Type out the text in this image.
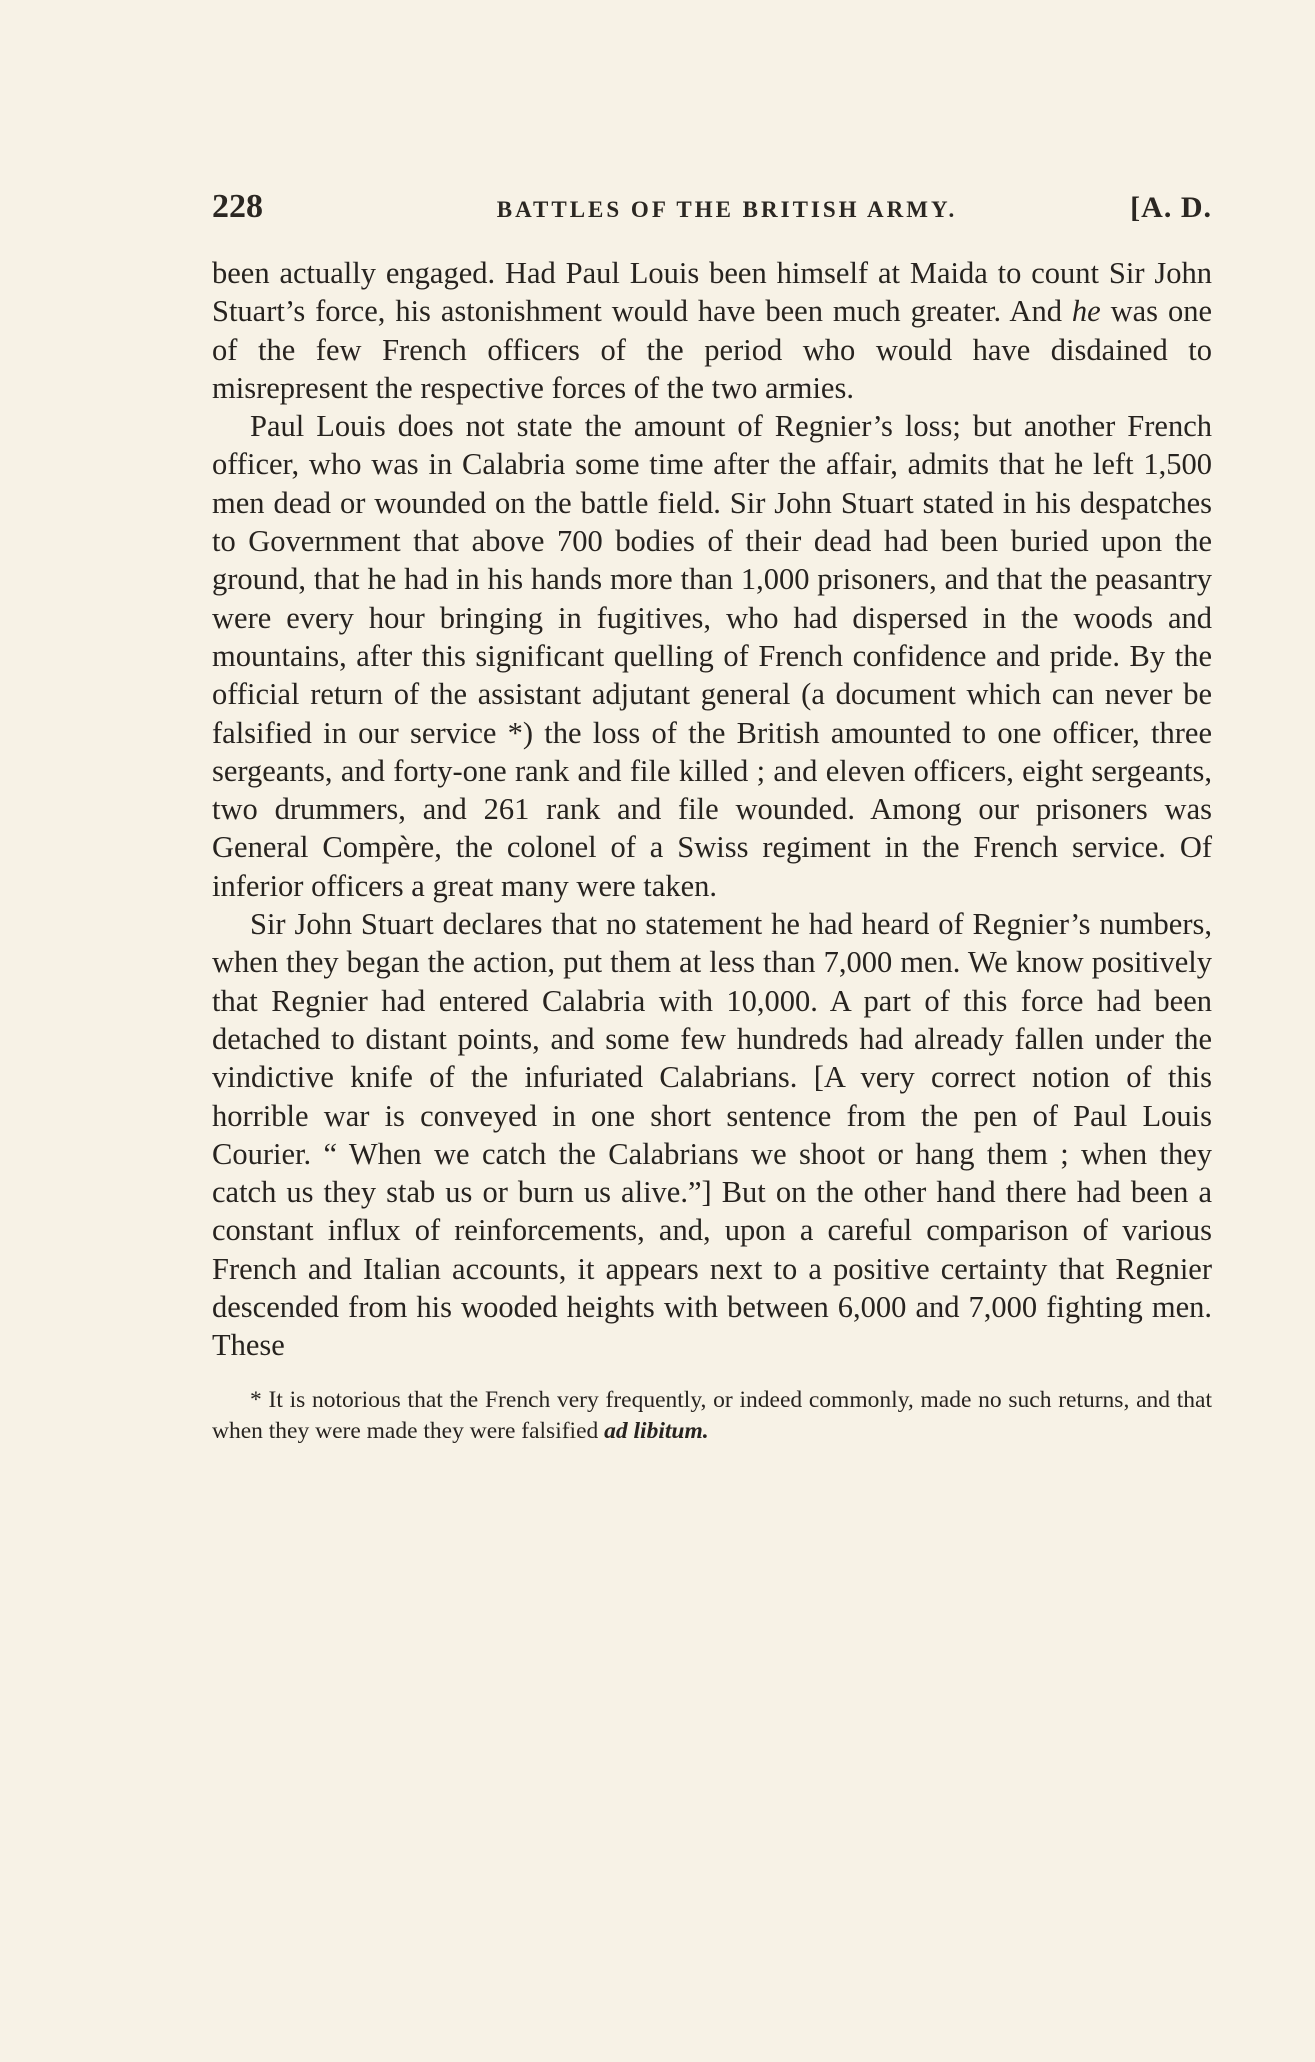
228	BATTLES OF THE BRITISH ARMY.	[A. D.

been actually engaged. Had Paul Louis been himself at Maida to count Sir John Stuart’s force, his astonishment would have been much greater. And he was one of the few French officers of the period who would have disdained to misrepresent the respective forces of the two armies.

Paul Louis does not state the amount of Regnier’s loss; but another French officer, who was in Calabria some time after the affair, admits that he left 1,500 men dead or wounded on the battle field. Sir John Stuart stated in his despatches to Government that above 700 bodies of their dead had been buried upon the ground, that he had in his hands more than 1,000 prisoners, and that the peasantry were every hour bringing in fugitives, who had dispersed in the woods and mountains, after this significant quelling of French confidence and pride. By the official return of the assistant adjutant general (a document which can never be falsified in our service *) the loss of the British amounted to one officer, three sergeants, and forty-one rank and file killed ; and eleven officers, eight sergeants, two drummers, and 261 rank and file wounded. Among our prisoners was General Compère, the colonel of a Swiss regiment in the French service. Of inferior officers a great many were taken.

Sir John Stuart declares that no statement he had heard of Regnier’s numbers, when they began the action, put them at less than 7,000 men. We know positively that Regnier had entered Calabria with 10,000. A part of this force had been detached to distant points, and some few hundreds had already fallen under the vindictive knife of the infuriated Calabrians. [A very correct notion of this horrible war is conveyed in one short sentence from the pen of Paul Louis Courier. “ When we catch the Calabrians we shoot or hang them ; when they catch us they stab us or burn us alive.”] But on the other hand there had been a constant influx of reinforcements, and, upon a careful comparison of various French and Italian accounts, it appears next to a positive certainty that Regnier descended from his wooded heights with between 6,000 and 7,000 fighting men. These

* It is notorious that the French very frequently, or indeed commonly, made no such returns, and that when they were made they were falsified ad libitum.
